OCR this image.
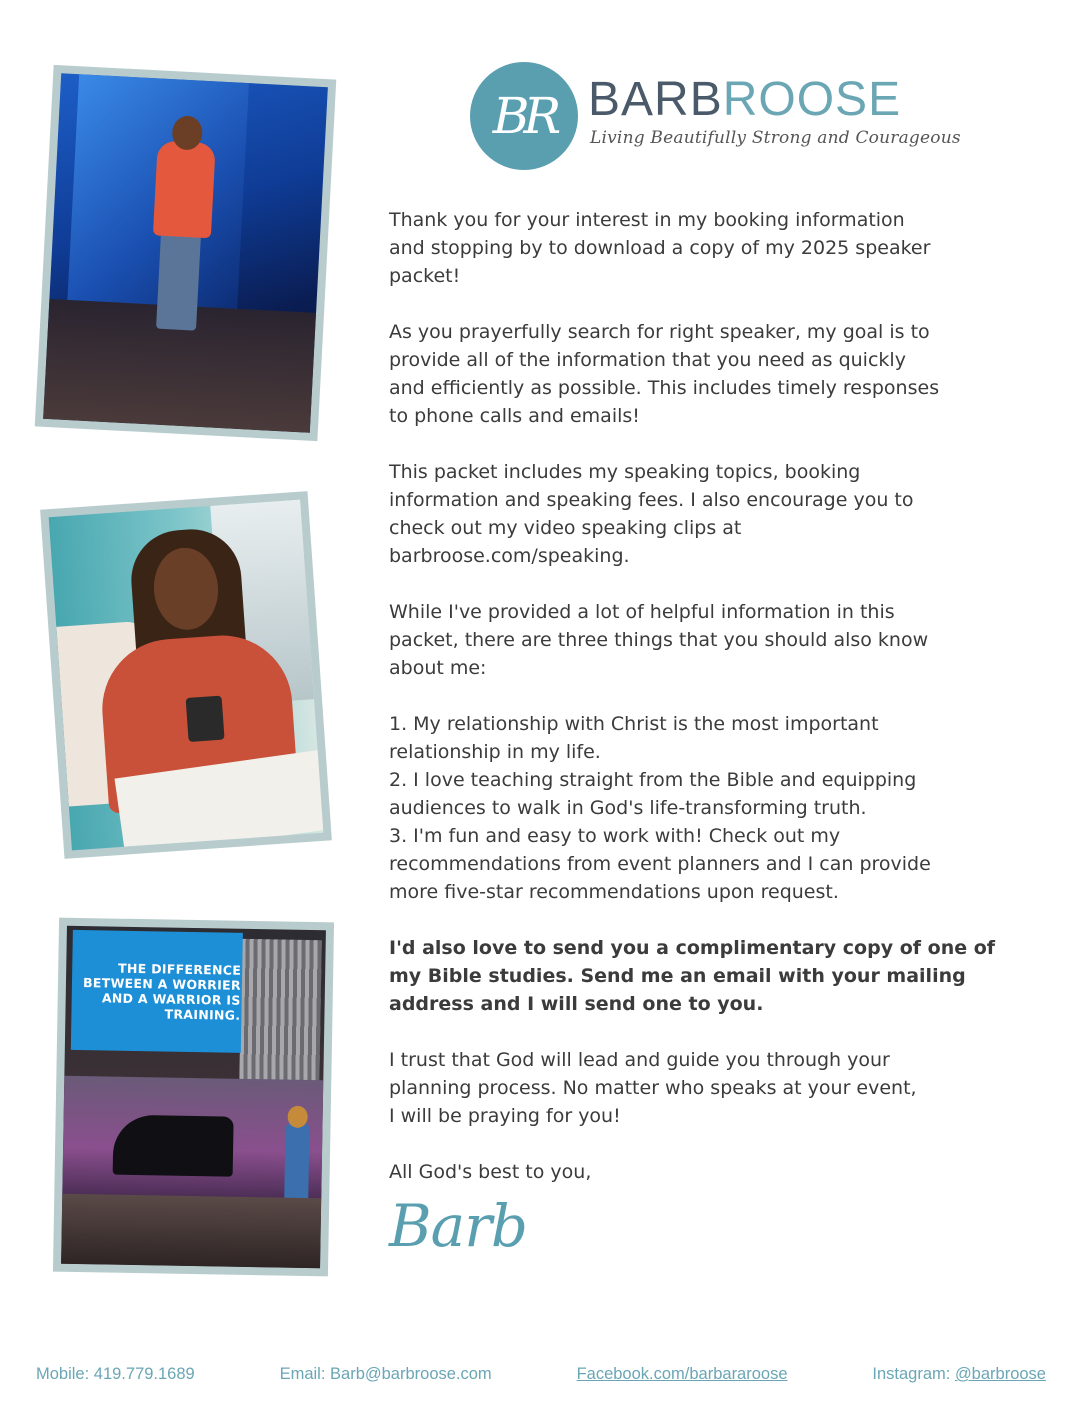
THE DIFFERENCE
BETWEEN A WORRIER
AND A WARRIOR IS
TRAINING.
BR BARBROOSE
Living Beautifully Strong and Courageous

Thank you for your interest in my booking information
and stopping by to download a copy of my 2025 speaker
packet!

As you prayerfully search for right speaker, my goal is to
provide all of the information that you need as quickly
and efficiently as possible. This includes timely responses
to phone calls and emails!

This packet includes my speaking topics, booking
information and speaking fees. I also encourage you to
check out my video speaking clips at
barbroose.com/speaking.

While I've provided a lot of helpful information in this
packet, there are three things that you should also know
about me:

1. My relationship with Christ is the most important
relationship in my life.

2. I love teaching straight from the Bible and equipping
audiences to walk in God's life-transforming truth.

3. I'm fun and easy to work with! Check out my
recommendations from event planners and I can provide
more five-star recommendations upon request.

I'd also love to send you a complimentary copy of one of
my Bible studies. Send me an email with your mailing
address and I will send one to you.

I trust that God will lead and guide you through your
planning process. No matter who speaks at your event,
I will be praying for you!

All God's best to you,

Barb
Mobile: 419.779.1689	Email: Barb@barbroose.com	Facebook.com/barbararoose	Instagram: @barbroose
